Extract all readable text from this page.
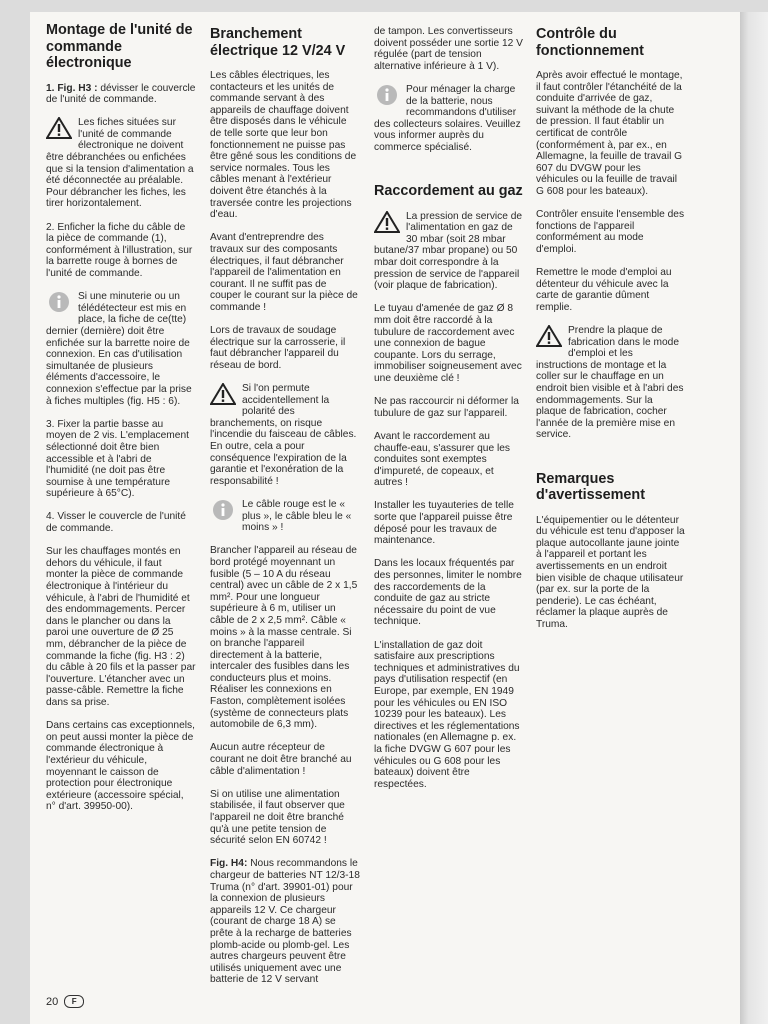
Montage de l'unité de commande électronique

1. Fig. H3 : dévisser le couvercle de l'unité de commande.

Les fiches situées sur l'unité de commande électronique ne doivent être débranchées ou enfichées que si la tension d'alimentation a été déconnectée au préalable. Pour débrancher les fiches, les tirer horizontalement.

2. Enficher la fiche du câble de la pièce de commande (1), conformément à l'illustration, sur la barrette rouge à bornes de l'unité de commande.

Si une minuterie ou un télédétecteur est mis en place, la fiche de ce(tte) dernier (dernière) doit être enfichée sur la barrette noire de connexion. En cas d'utilisation simultanée de plusieurs éléments d'accessoire, le connexion s'effectue par la prise à fiches multiples (fig. H5 : 6).

3. Fixer la partie basse au moyen de 2 vis. L'emplacement sélectionné doit être bien accessible et à l'abri de l'humidité (ne doit pas être soumise à une température supérieure à 65°C).

4. Visser le couvercle de l'unité de commande.

Sur les chauffages montés en dehors du véhicule, il faut monter la pièce de commande électronique à l'intérieur du véhicule, à l'abri de l'humidité et des endommagements. Percer dans le plancher ou dans la paroi une ouverture de Ø 25 mm, débrancher de la pièce de commande la fiche (fig. H3 : 2) du câble à 20 fils et la passer par l'ouverture. L'étancher avec un passe-câble. Remettre la fiche dans sa prise.

Dans certains cas exceptionnels, on peut aussi monter la pièce de commande électronique à l'extérieur du véhicule, moyennant le caisson de protection pour électronique extérieure (accessoire spécial, n° d'art. 39950-00).

Branchement électrique 12 V/24 V

Les câbles électriques, les contacteurs et les unités de commande servant à des appareils de chauffage doivent être disposés dans le véhicule de telle sorte que leur bon fonctionnement ne puisse pas être gêné sous les conditions de service normales. Tous les câbles menant à l'extérieur doivent être étanchés à la traversée contre les projections d'eau.

Avant d'entreprendre des travaux sur des composants électriques, il faut débrancher l'appareil de l'alimentation en courant. Il ne suffit pas de couper le courant sur la pièce de commande !

Lors de travaux de soudage électrique sur la carrosserie, il faut débrancher l'appareil du réseau de bord.

Si l'on permute accidentellement la polarité des branchements, on risque l'incendie du faisceau de câbles. En outre, cela a pour conséquence l'expiration de la garantie et l'exonération de la responsabilité !

Le câble rouge est le « plus », le câble bleu le « moins » !

Brancher l'appareil au réseau de bord protégé moyennant un fusible (5 – 10 A du réseau central) avec un câble de 2 x 1,5 mm². Pour une longueur supérieure à 6 m, utiliser un câble de 2 x 2,5 mm². Câble « moins » à la masse centrale. Si on branche l'appareil directement à la batterie, intercaler des fusibles dans les conducteurs plus et moins. Réaliser les connexions en Faston, complètement isolées (système de connecteurs plats automobile de 6,3 mm).

Aucun autre récepteur de courant ne doit être branché au câble d'alimentation !

Si on utilise une alimentation stabilisée, il faut observer que l'appareil ne doit être branché qu'à une petite tension de sécurité selon EN 60742 !

Fig. H4: Nous recommandons le chargeur de batteries NT 12/3-18 Truma (n° d'art. 39901-01) pour la connexion de plusieurs appareils 12 V. Ce chargeur (courant de charge 18 A) se prête à la recharge de batteries plomb-acide ou plomb-gel. Les autres chargeurs peuvent être utilisés uniquement avec une batterie de 12 V servant

de tampon. Les convertisseurs doivent posséder une sortie 12 V régulée (part de tension alternative inférieure à 1 V).

Pour ménager la charge de la batterie, nous recommandons d'utiliser des collecteurs solaires. Veuillez vous informer auprès du commerce spécialisé.

Raccordement au gaz

La pression de service de l'alimentation en gaz de 30 mbar (soit 28 mbar butane/37 mbar propane) ou 50 mbar doit correspondre à la pression de service de l'appareil (voir plaque de fabrication).

Le tuyau d'amenée de gaz Ø 8 mm doit être raccordé à la tubulure de raccordement avec une connexion de bague coupante. Lors du serrage, immobiliser soigneusement avec une deuxième clé !

Ne pas raccourcir ni déformer la tubulure de gaz sur l'appareil.

Avant le raccordement au chauffe-eau, s'assurer que les conduites sont exemptes d'impureté, de copeaux, et autres !

Installer les tuyauteries de telle sorte que l'appareil puisse être déposé pour les travaux de maintenance.

Dans les locaux fréquentés par des personnes, limiter le nombre des raccordements de la conduite de gaz au stricte nécessaire du point de vue technique.

L'installation de gaz doit satisfaire aux prescriptions techniques et administratives du pays d'utilisation respectif (en Europe, par exemple, EN 1949 pour les véhicules ou EN ISO 10239 pour les bateaux). Les directives et les réglementations nationales (en Allemagne p. ex. la fiche DVGW G 607 pour les véhicules ou G 608 pour les bateaux) doivent être respectées.

Contrôle du fonctionnement

Après avoir effectué le montage, il faut contrôler l'étanchéité de la conduite d'arrivée de gaz, suivant la méthode de la chute de pression. Il faut établir un certificat de contrôle (conformément à, par ex., en Allemagne, la feuille de travail G 607 du DVGW pour les véhicules ou la feuille de travail G 608 pour les bateaux).

Contrôler ensuite l'ensemble des fonctions de l'appareil conformément au mode d'emploi.

Remettre le mode d'emploi au détenteur du véhicule avec la carte de garantie dûment remplie.

Prendre la plaque de fabrication dans le mode d'emploi et les instructions de montage et la coller sur le chauffage en un endroit bien visible et à l'abri des endommagements. Sur la plaque de fabrication, cocher l'année de la première mise en service.

Remarques d'avertissement

L'équipementier ou le détenteur du véhicule est tenu d'apposer la plaque autocollante jaune jointe à l'appareil et portant les avertissements en un endroit bien visible de chaque utilisateur (par ex. sur la porte de la penderie). Le cas échéant, réclamer la plaque auprès de Truma.

20	F
